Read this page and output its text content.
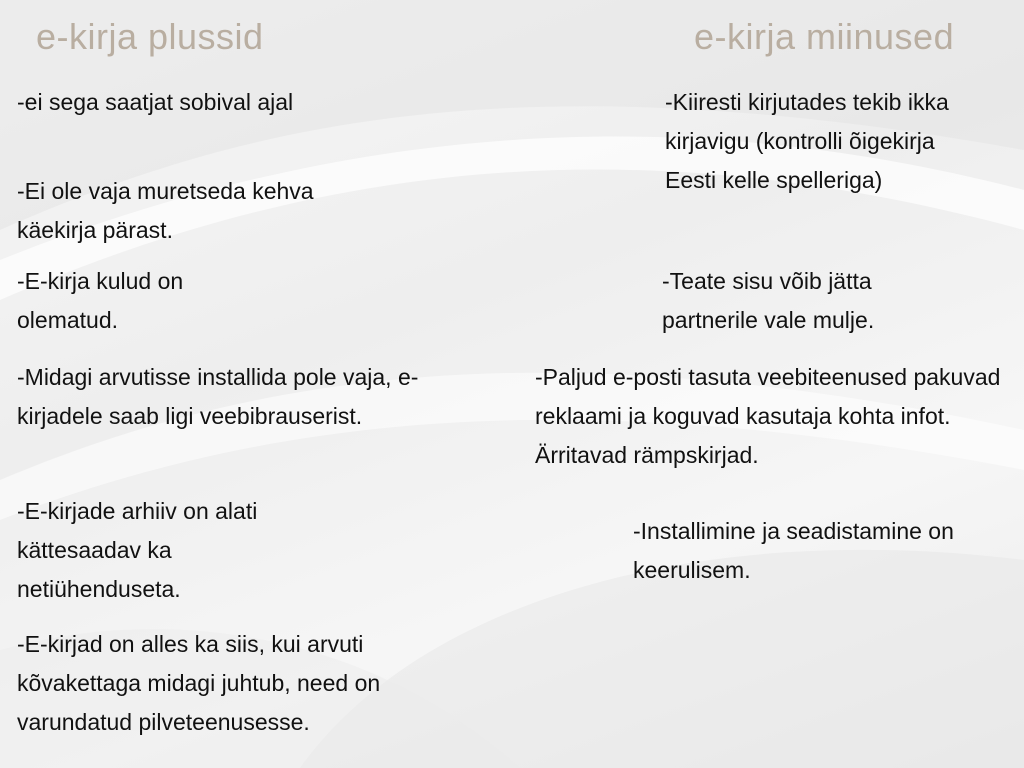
e-kirja plussid	e-kirja miinused

-ei sega saatjat sobival ajal

-Ei ole vaja muretseda kehva käekirja pärast.

-E-kirja kulud on olematud.

-Midagi arvutisse installida pole vaja, e-kirjadele saab ligi veebibrauserist.

-E-kirjade arhiiv on alati kättesaadav ka netiühenduseta.

-E-kirjad on alles ka siis, kui arvuti kõvakettaga midagi juhtub, need on varundatud pilveteenusesse.

-Kiiresti kirjutades tekib ikka kirjavigu (kontrolli õigekirja Eesti kelle spelleriga)

-Teate sisu võib jätta partnerile vale mulje.

-Paljud e-posti tasuta veebiteenused pakuvad reklaami ja koguvad kasutaja kohta infot. Ärritavad rämpskirjad.

-Installimine ja seadistamine on keerulisem.
